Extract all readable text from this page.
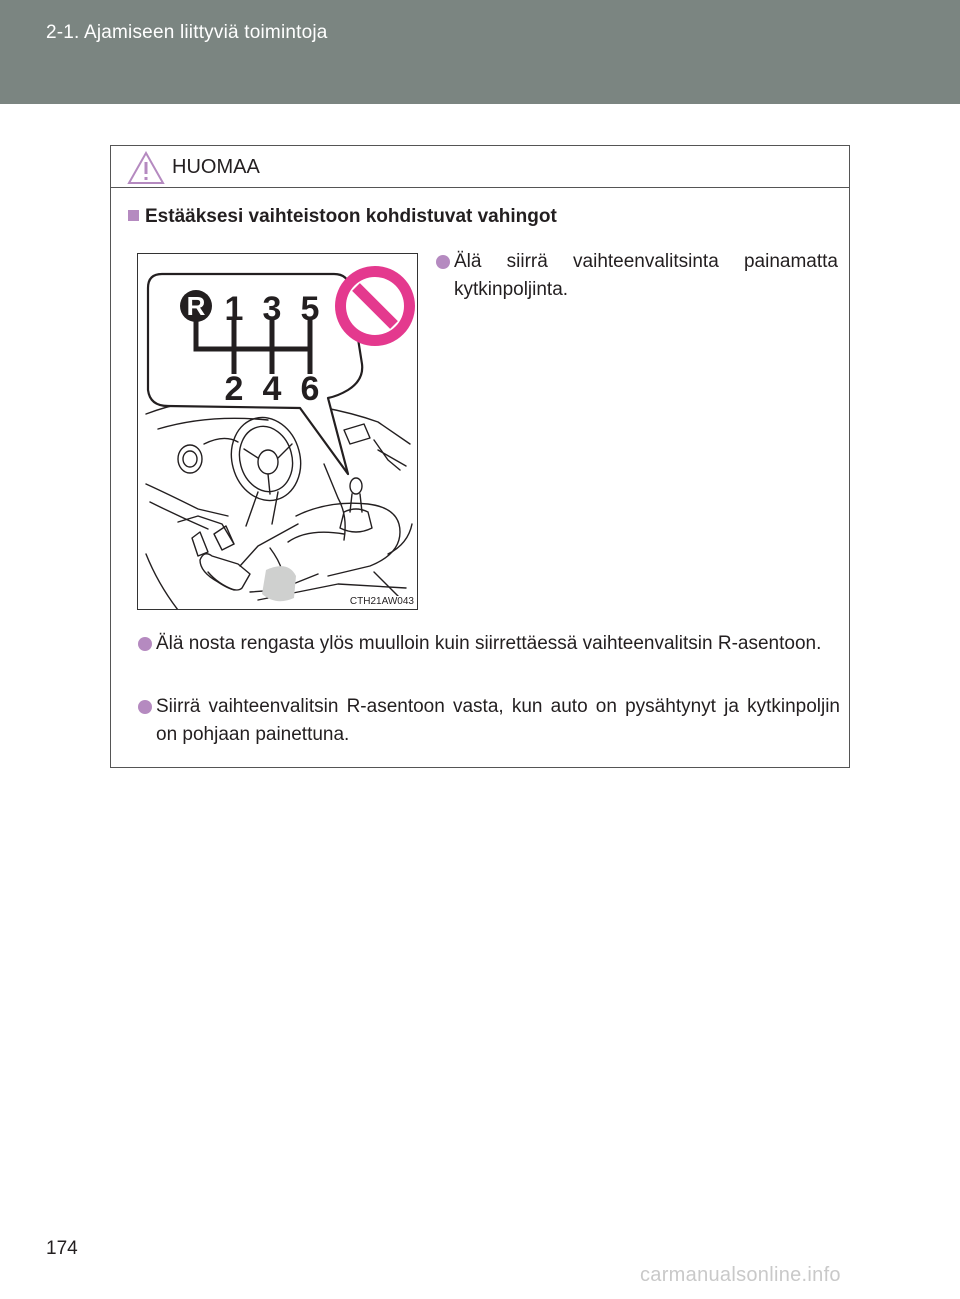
2-1. Ajamiseen liittyviä toimintoja
HUOMAA
Estääksesi vaihteistoon kohdistuvat vahingot
R 1 3 5
2 4 6
CTH21AW043
Älä siirrä vaihteenvalitsinta painamatta kytkinpoljinta.
Älä nosta rengasta ylös muulloin kuin siirrettäessä vaihteenvalitsin R-asentoon.
Siirrä vaihteenvalitsin R-asentoon vasta, kun auto on pysähtynyt ja kytkinpoljin on pohjaan painettuna.
174
carmanualsonline.info
